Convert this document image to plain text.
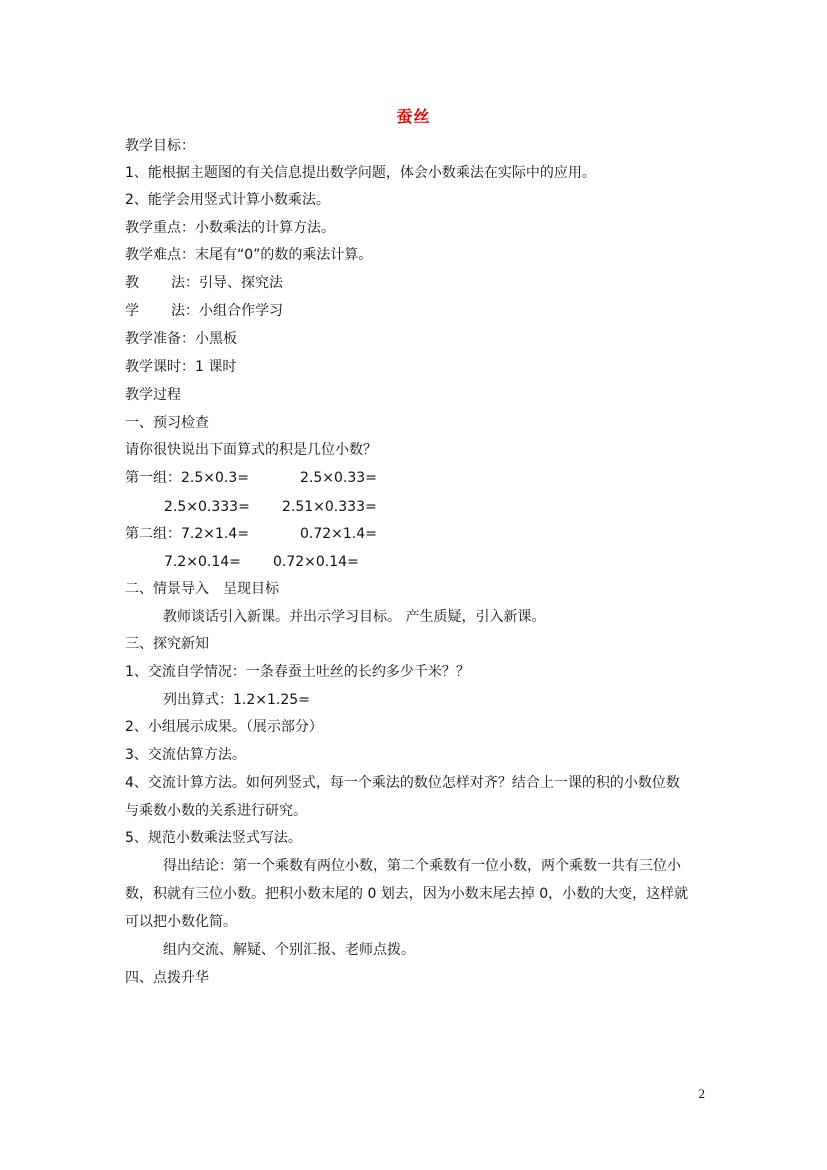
蚕丝
教学目标：
1、能根据主题图的有关信息提出数学问题，体会小数乘法在实际中的应用。
2、能学会用竖式计算小数乘法。
教学重点：小数乘法的计算方法。
教学难点：末尾有“0”的数的乘法计算。
教 法：引导、探究法
学 法：小组合作学习
教学准备：小黑板
教学课时：1 课时
教学过程
一、预习检查
请你很快说出下面算式的积是几位小数？
第一组：2.5×0.3=	2.5×0.33=
2.5×0.333= 2.51×0.333=
第二组：7.2×1.4=	0.72×1.4=
7.2×0.14= 0.72×0.14=
二、情景导入　呈现目标
教师谈话引入新课。并出示学习目标。 产生质疑，引入新课。
三、探究新知
1、交流自学情况：一条春蚕土吐丝的长约多少千米？？
列出算式：1.2×1.25=
2、小组展示成果。（展示部分）
3、交流估算方法。
4、交流计算方法。如何列竖式，每一个乘法的数位怎样对齐？结合上一课的积的小数位数
与乘数小数的关系进行研究。
5、规范小数乘法竖式写法。
得出结论：第一个乘数有两位小数，第二个乘数有一位小数，两个乘数一共有三位小
数，积就有三位小数。把积小数末尾的 0 划去，因为小数末尾去掉 0，小数的大变，这样就
可以把小数化简。
组内交流、解疑、个别汇报、老师点拨。
四、点拨升华
2
